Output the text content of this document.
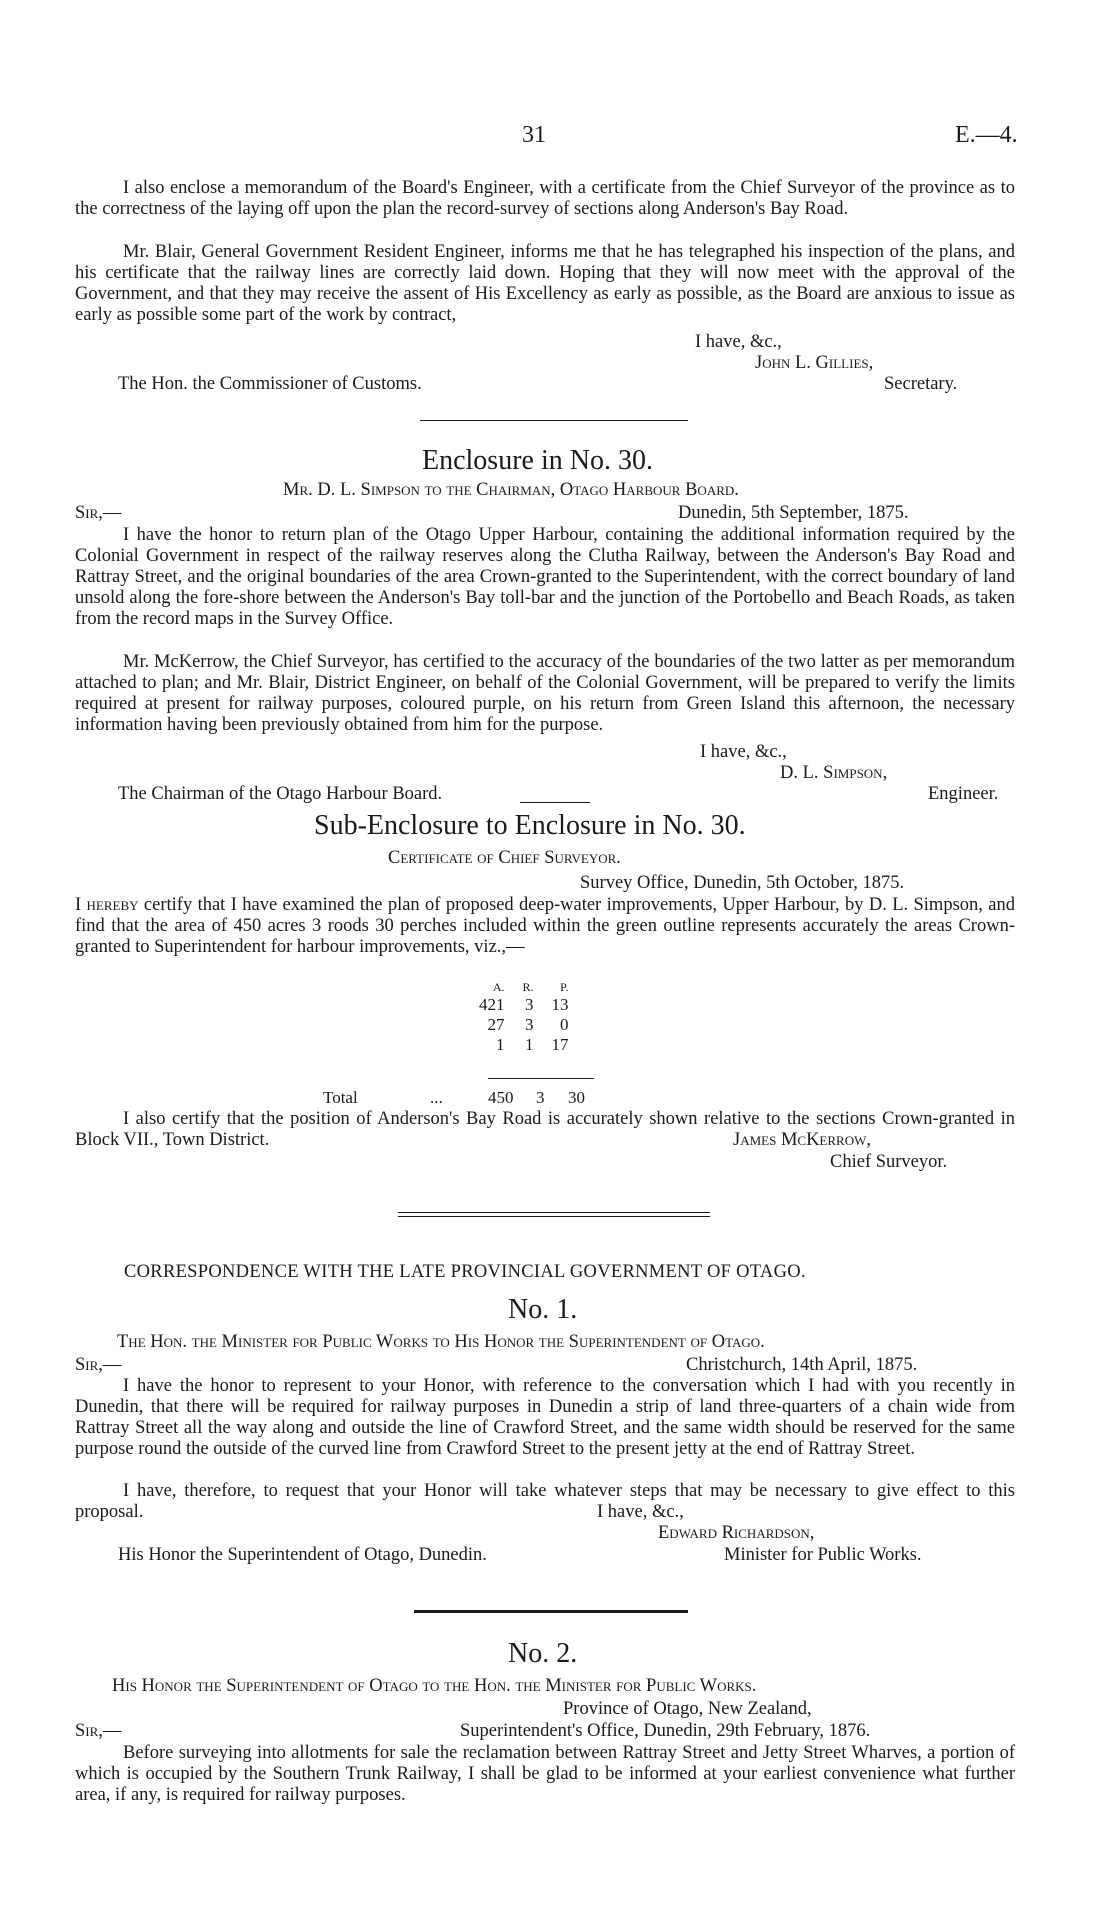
31	E.—4.
I also enclose a memorandum of the Board's Engineer, with a certificate from the Chief Surveyor of the province as to the correctness of the laying off upon the plan the record-survey of sections along Anderson's Bay Road.
Mr. Blair, General Government Resident Engineer, informs me that he has telegraphed his inspection of the plans, and his certificate that the railway lines are correctly laid down. Hoping that they will now meet with the approval of the Government, and that they may receive the assent of His Excellency as early as possible, as the Board are anxious to issue as early as possible some part of the work by contract,
I have, &c.,
John L. Gillies,
The Hon. the Commissioner of Customs.	Secretary.
Enclosure in No. 30.
Mr. D. L. Simpson to the Chairman, Otago Harbour Board.
Sir,—	Dunedin, 5th September, 1875.
I have the honor to return plan of the Otago Upper Harbour, containing the additional information required by the Colonial Government in respect of the railway reserves along the Clutha Railway, between the Anderson's Bay Road and Rattray Street, and the original boundaries of the area Crown-granted to the Superintendent, with the correct boundary of land unsold along the fore-shore between the Anderson's Bay toll-bar and the junction of the Portobello and Beach Roads, as taken from the record maps in the Survey Office.
Mr. McKerrow, the Chief Surveyor, has certified to the accuracy of the boundaries of the two latter as per memorandum attached to plan; and Mr. Blair, District Engineer, on behalf of the Colonial Government, will be prepared to verify the limits required at present for railway purposes, coloured purple, on his return from Green Island this afternoon, the necessary information having been previously obtained from him for the purpose.
I have, &c.,
D. L. Simpson,
The Chairman of the Otago Harbour Board.	Engineer.
Sub-Enclosure to Enclosure in No. 30.
Certificate of Chief Surveyor.
Survey Office, Dunedin, 5th October, 1875.
I hereby certify that I have examined the plan of proposed deep-water improvements, Upper Harbour, by D. L. Simpson, and find that the area of 450 acres 3 roods 30 perches included within the green outline represents accurately the areas Crown-granted to Superintendent for harbour improvements, viz.,—
A.	R.	P.
421	3	13
27	3	0
1	1	17
Total	...	450 3 30
I also certify that the position of Anderson's Bay Road is accurately shown relative to the sections Crown-granted in Block VII., Town District.	James McKerrow,
Chief Surveyor.
CORRESPONDENCE WITH THE LATE PROVINCIAL GOVERNMENT OF OTAGO.
No. 1.
The Hon. the Minister for Public Works to His Honor the Superintendent of Otago.
Sir,—	Christchurch, 14th April, 1875.
I have the honor to represent to your Honor, with reference to the conversation which I had with you recently in Dunedin, that there will be required for railway purposes in Dunedin a strip of land three-quarters of a chain wide from Rattray Street all the way along and outside the line of Crawford Street, and the same width should be reserved for the same purpose round the outside of the curved line from Crawford Street to the present jetty at the end of Rattray Street.
I have, therefore, to request that your Honor will take whatever steps that may be necessary to give effect to this proposal.	I have, &c.,
Edward Richardson,
His Honor the Superintendent of Otago, Dunedin.	Minister for Public Works.
No. 2.
His Honor the Superintendent of Otago to the Hon. the Minister for Public Works.
Province of Otago, New Zealand,
Sir,—	Superintendent's Office, Dunedin, 29th February, 1876.
Before surveying into allotments for sale the reclamation between Rattray Street and Jetty Street Wharves, a portion of which is occupied by the Southern Trunk Railway, I shall be glad to be informed at your earliest convenience what further area, if any, is required for railway purposes.
